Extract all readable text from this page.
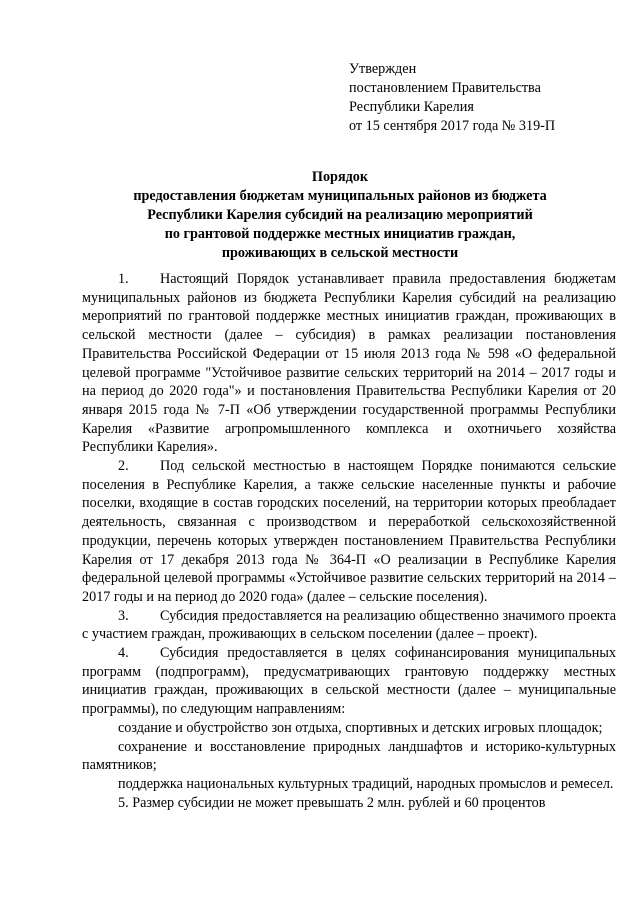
Утвержден
постановлением Правительства
Республики Карелия
от 15 сентября 2017 года № 319-П
Порядок
предоставления бюджетам муниципальных районов из бюджета
Республики Карелия субсидий на реализацию мероприятий
по грантовой поддержке местных инициатив граждан,
проживающих в сельской местности

1. Настоящий Порядок устанавливает правила предоставления бюджетам муниципальных районов из бюджета Республики Карелия субсидий на реализацию мероприятий по грантовой поддержке местных инициатив граждан, проживающих в сельской местности (далее – субсидия) в рамках реализации постановления Правительства Российской Федерации от 15 июля 2013 года № 598 «О федеральной целевой программе "Устойчивое развитие сельских территорий на 2014 – 2017 годы и на период до 2020 года"» и постановления Правительства Республики Карелия от 20 января 2015 года № 7-П «Об утверждении государственной программы Республики Карелия «Развитие агропромышленного комплекса и охотничьего хозяйства Республики Карелия».

2. Под сельской местностью в настоящем Порядке понимаются сельские поселения в Республике Карелия, а также сельские населенные пункты и рабочие поселки, входящие в состав городских поселений, на территории которых преобладает деятельность, связанная с производством и переработкой сельскохозяйственной продукции, перечень которых утвержден постановлением Правительства Республики Карелия от 17 декабря 2013 года № 364-П «О реализации в Республике Карелия федеральной целевой программы «Устойчивое развитие сельских территорий на 2014 – 2017 годы и на период до 2020 года» (далее – сельские поселения).

3. Субсидия предоставляется на реализацию общественно значимого проекта с участием граждан, проживающих в сельском поселении (далее – проект).

4. Субсидия предоставляется в целях софинансирования муниципальных программ (подпрограмм), предусматривающих грантовую поддержку местных инициатив граждан, проживающих в сельской местности (далее – муниципальные программы), по следующим направлениям:

создание и обустройство зон отдыха, спортивных и детских игровых площадок;

сохранение и восстановление природных ландшафтов и историко-культурных памятников;

поддержка национальных культурных традиций, народных промыслов и ремесел.

5. Размер субсидии не может превышать 2 млн. рублей и 60 процентов
